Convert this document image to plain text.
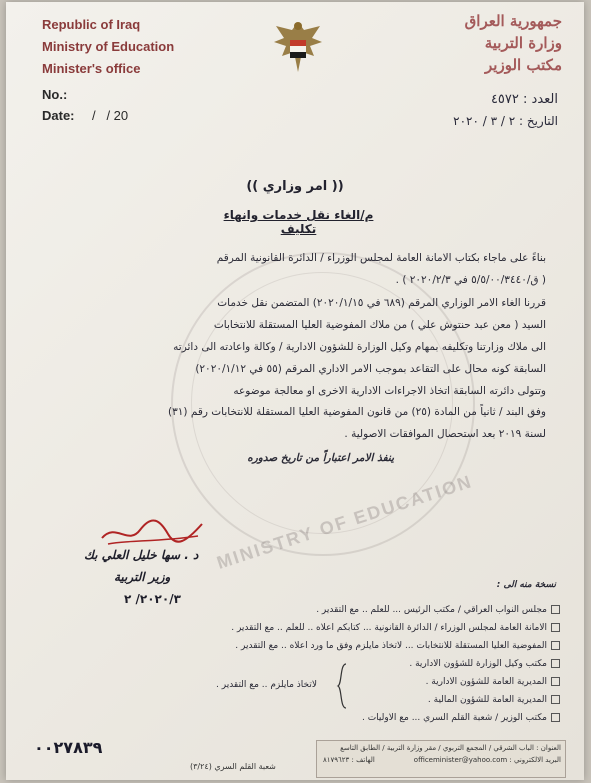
Republic of Iraq
Ministry of Education
Minister's office
جمهورية العراق
وزارة التربية
مكتب الوزير
No.:
Date: /   / 20
العدد : ٤٥٧٢
التاريخ : ٢ / ٣ / ٢٠٢٠
MINISTRY OF EDUCATION
(( امر وزاري ))
م/الغاء نقل خدمات وانهاء تكليف
بناءً على ماجاء بكتاب الامانة العامة لمجلس الوزراء / الدائرة القانونية المرقم
( ق/٥/٥/٠٠/٣٤٤٠ في ٢٠٢٠/٢/٣ ) .
قررنا الغاء الامر الوزاري المرقم (٦٨٩ في ٢٠٢٠/١/١٥) المتضمن نقل خدمات
السيد ( معن عبد حنتوش علي ) من ملاك المفوضية العليا المستقلة للانتخابات
الى ملاك وزارتنا وتكليفه بمهام وكيل الوزارة للشؤون الادارية / وكالة واعادته الى دائرته
السابقة كونه محال على التقاعد بموجب الامر الاداري المرقم (٥٥ في ٢٠٢٠/١/١٢)
وتتولى دائرته السابقة اتخاذ الاجراءات الادارية الاخرى او معالجة موضوعه
وفق البند / ثانياً من المادة (٢٥) من قانون المفوضية العليا المستقلة للانتخابات رقم (٣١)
لسنة ٢٠١٩ بعد استحصال الموافقات الاصولية .
ينفذ الامر اعتباراً من تاريخ صدوره
د . سها خليل العلي بك
وزير التربية
٢٠٢٠/٣/ ٢
نسخة منه الى :
مجلس النواب العراقي / مكتب الرئيس ... للعلم .. مع التقدير .
الامانة العامة لمجلس الوزراء / الدائرة القانونية ... كتابكم اعلاه .. للعلم .. مع التقدير .
المفوضية العليا المستقلة للانتخابات ... لاتخاذ مايلزم وفق ما ورد اعلاه .. مع التقدير .
مكتب وكيل الوزارة للشؤون الادارية .
المديرية العامة للشؤون الادارية .
المديرية العامة للشؤون المالية .
مكتب الوزير / شعبة القلم السري ... مع الاوليات .
لاتخاذ مايلزم .. مع التقدير .
٠٠٢٧٨٣٩
شعبة القلم السري (٣/٢٤)
العنوان : الباب الشرقي / المجمع التربوي / مقر وزارة التربية / الطابق التاسع
البريد الالكتروني : officeminister@yahoo.com
الهاتف : ٨١٧٩٦٢٣
